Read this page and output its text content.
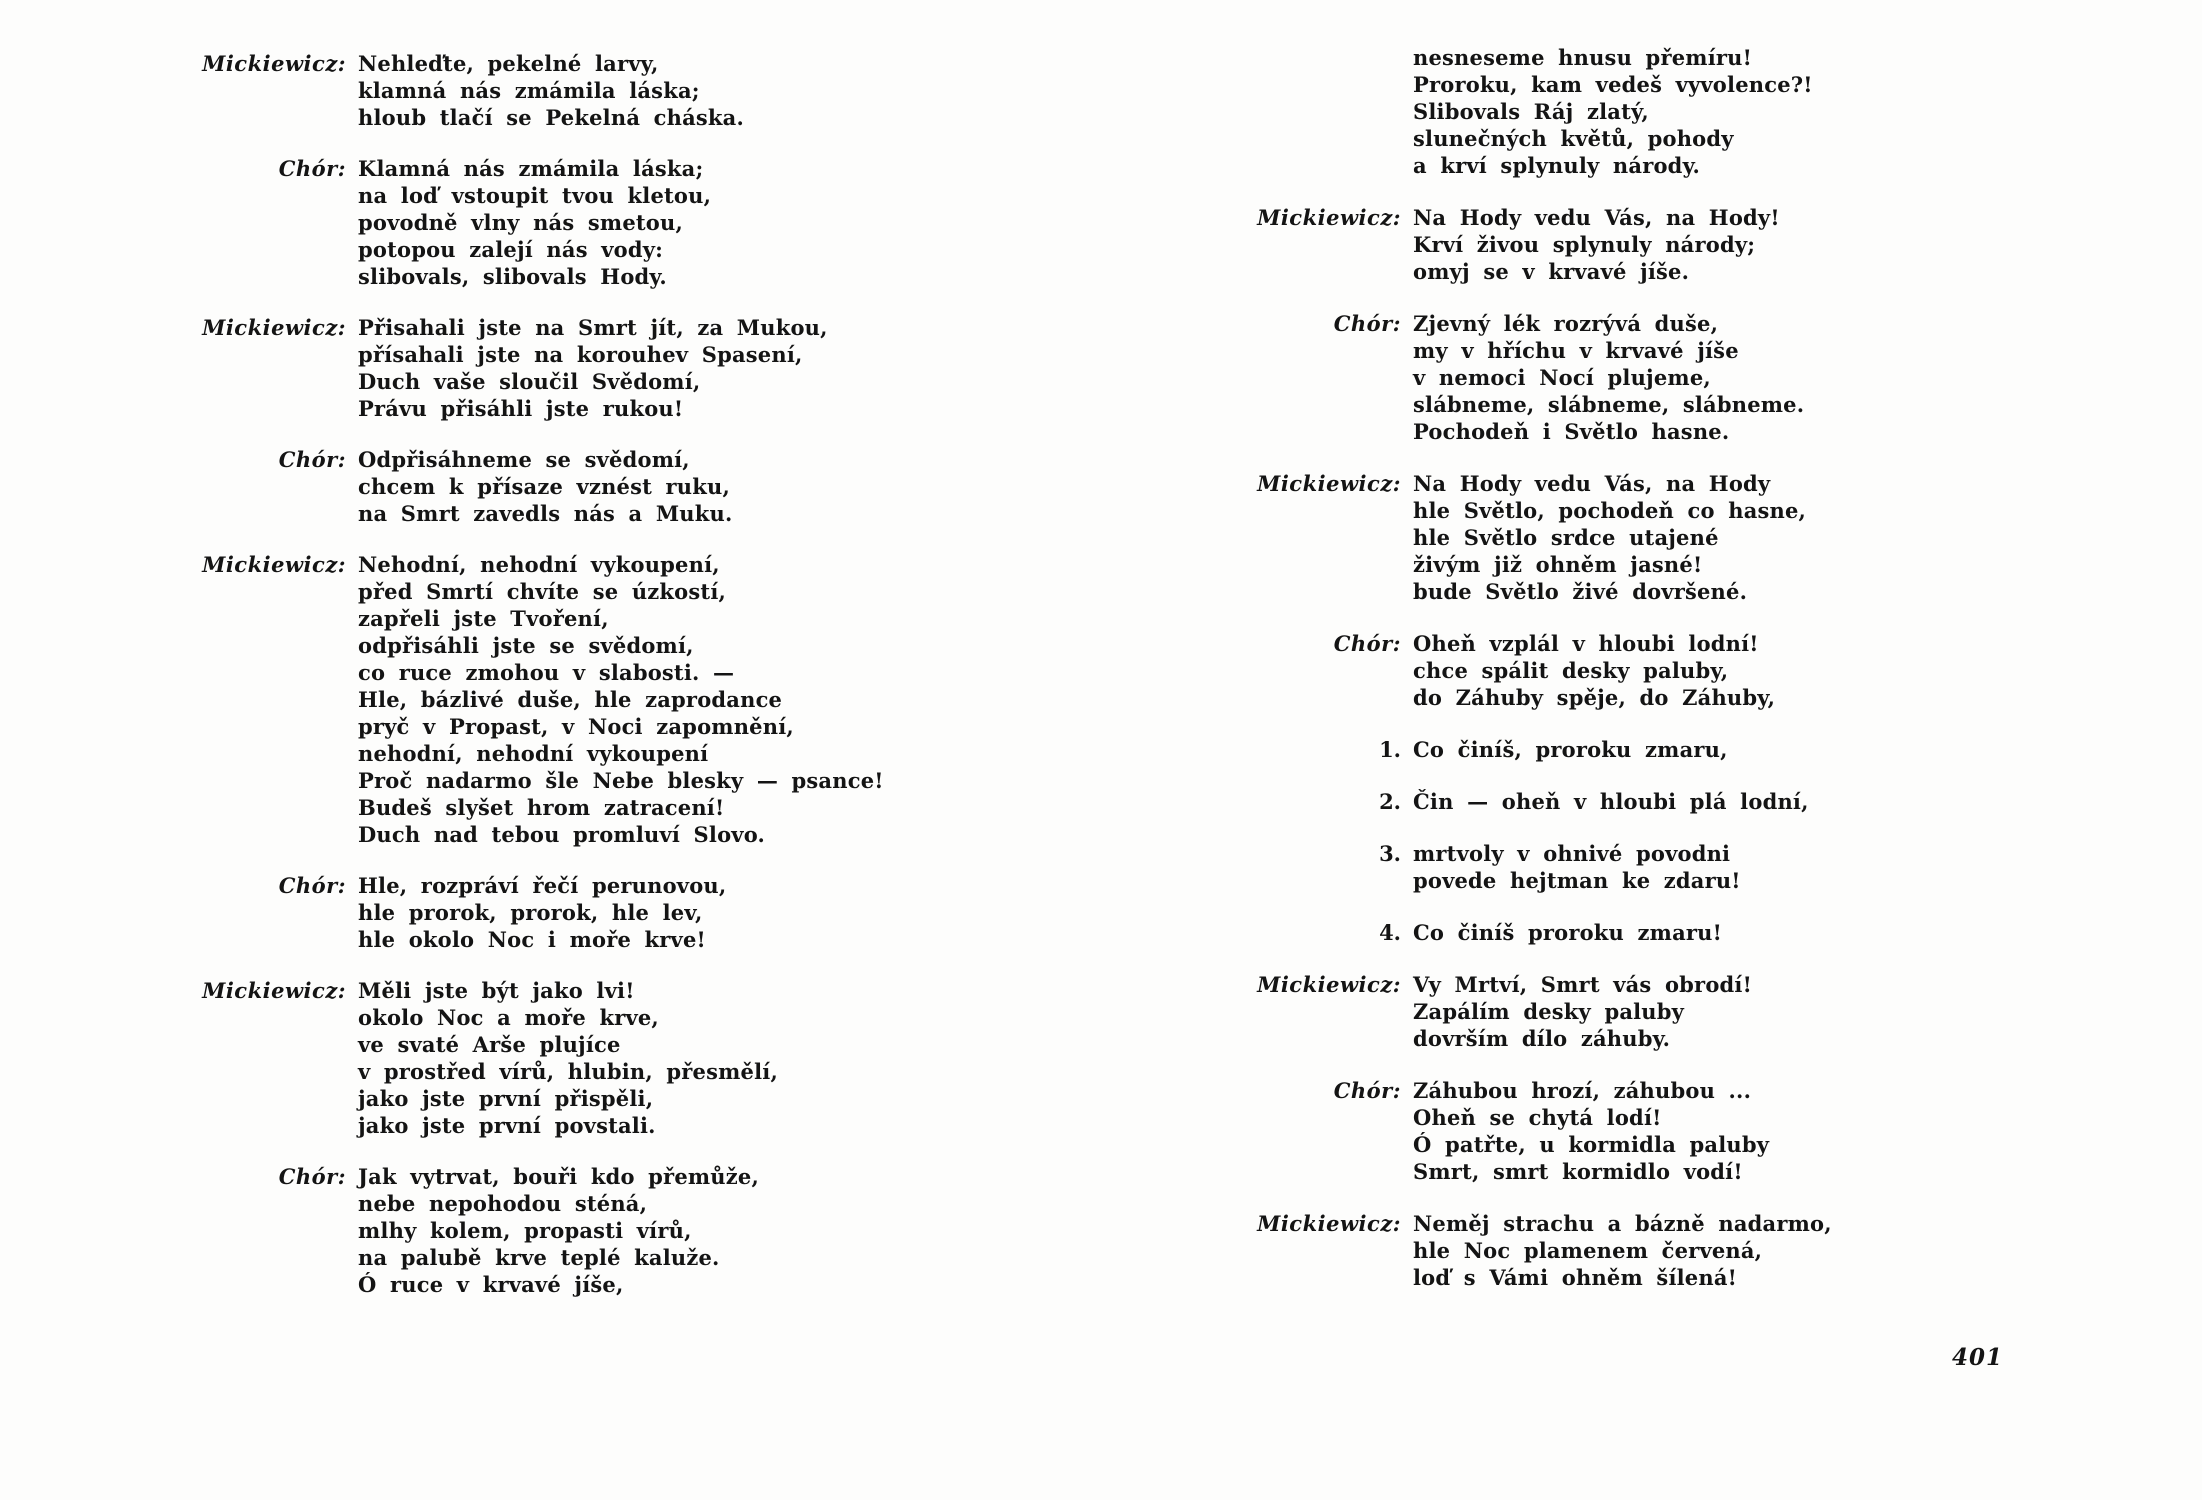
Mickiewicz: Nehleďte, pekelné larvy,
klamná nás zmámila láska;
hloub tlačí se Pekelná cháska.
Chór: Klamná nás zmámila láska;
na loď vstoupit tvou kletou,
povodně vlny nás smetou,
potopou zalejí nás vody:
slibovals, slibovals Hody.
Mickiewicz: Přisahali jste na Smrt jít, za Mukou,
přísahali jste na korouhev Spasení,
Duch vaše sloučil Svědomí,
Právu přisáhli jste rukou!
Chór: Odpřisáhneme se svědomí,
chcem k přísaze vznést ruku,
na Smrt zavedls nás a Muku.
Mickiewicz: Nehodní, nehodní vykoupení,
před Smrtí chvíte se úzkostí,
zapřeli jste Tvoření,
odpřisáhli jste se svědomí,
co ruce zmohou v slabosti. —
Hle, bázlivé duše, hle zaprodance
pryč v Propast, v Noci zapomnění,
nehodní, nehodní vykoupení
Proč nadarmo šle Nebe blesky — psance!
Budeš slyšet hrom zatracení!
Duch nad tebou promluví Slovo.
Chór: Hle, rozpráví řečí perunovou,
hle prorok, prorok, hle lev,
hle okolo Noc i moře krve!
Mickiewicz: Měli jste být jako lvi!
okolo Noc a moře krve,
ve svaté Arše plujíce
v prostřed vírů, hlubin, přesmělí,
jako jste první přispěli,
jako jste první povstali.
Chór: Jak vytrvat, bouři kdo přemůže,
nebe nepohodou sténá,
mlhy kolem, propasti vírů,
na palubě krve teplé kaluže.
Ó ruce v krvavé jíše,
nesneseme hnusu přemíru!
Proroku, kam vedeš vyvolence?!
Slibovals Ráj zlatý,
slunečných květů, pohody
a krví splynuly národy.
Mickiewicz: Na Hody vedu Vás, na Hody!
Krví živou splynuly národy;
omyj se v krvavé jíše.
Chór: Zjevný lék rozrývá duše,
my v hříchu v krvavé jíše
v nemoci Nocí plujeme,
slábneme, slábneme, slábneme.
Pochodeň i Světlo hasne.
Mickiewicz: Na Hody vedu Vás, na Hody
hle Světlo, pochodeň co hasne,
hle Světlo srdce utajené
živým již ohněm jasné!
bude Světlo živé dovršené.
Chór: Oheň vzplál v hloubi lodní!
chce spálit desky paluby,
do Záhuby spěje, do Záhuby,
1. Co činíš, proroku zmaru,
2. Čin — oheň v hloubi plá lodní,
3. mrtvoly v ohnivé povodni
povede hejtman ke zdaru!
4. Co činíš proroku zmaru!
Mickiewicz: Vy Mrtví, Smrt vás obrodí!
Zapálím desky paluby
dovrším dílo záhuby.
Chór: Záhubou hrozí, záhubou ...
Oheň se chytá lodí!
Ó patřte, u kormidla paluby
Smrt, smrt kormidlo vodí!
Mickiewicz: Neměj strachu a bázně nadarmo,
hle Noc plamenem červená,
loď s Vámi ohněm šílená!
401
